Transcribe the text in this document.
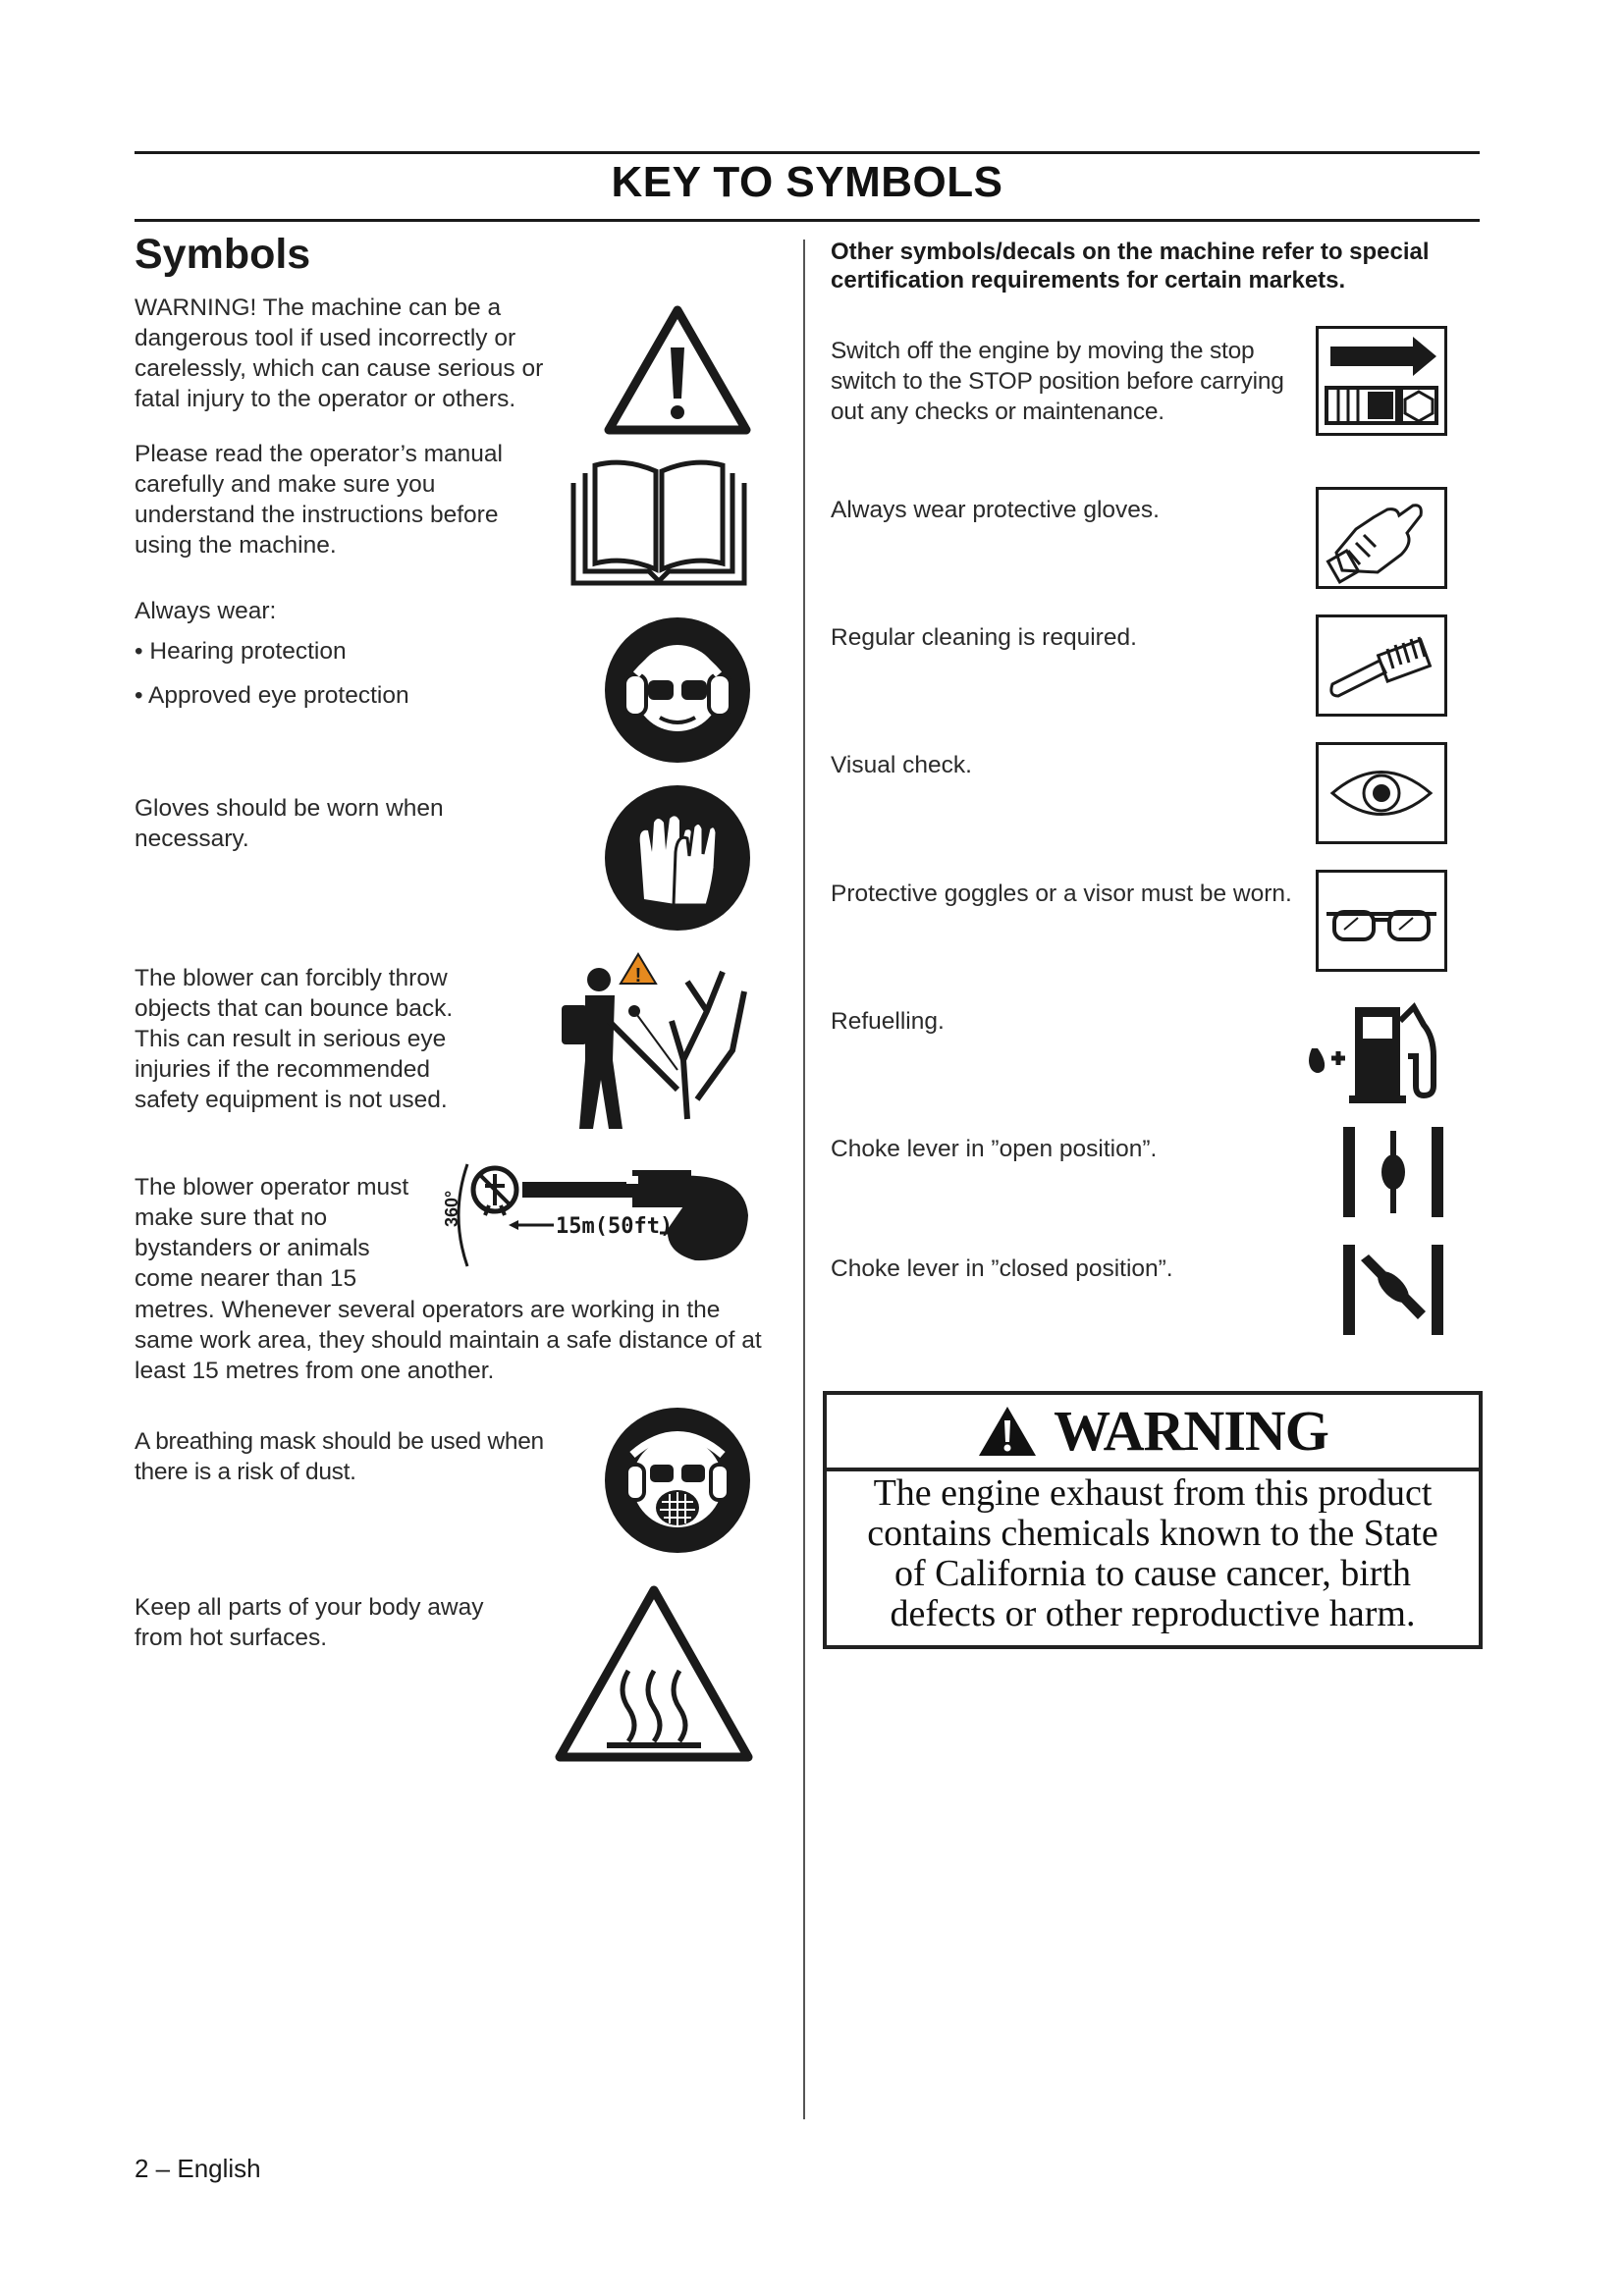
KEY TO SYMBOLS
Symbols
WARNING! The machine can be a dangerous tool if used incorrectly or carelessly, which can cause serious or fatal injury to the operator or others.
Please read the operator’s manual carefully and make sure you understand the instructions before using the machine.
Always wear:
• Hearing protection
• Approved eye protection
Gloves should be worn when necessary.
The blower can forcibly throw objects that can bounce back. This can result in serious eye injuries if the recommended safety equipment is not used.
!
The blower operator must make sure that no bystanders or animals come nearer than 15
360°	15m(50ft)
metres. Whenever several operators are working in the same work area, they should maintain a safe distance of at least 15 metres from one another.
A breathing mask should be used when there is a risk of dust.
Keep all parts of your body away from hot surfaces.
Other symbols/decals on the machine refer to special certification requirements for certain markets.
Switch off the engine by moving the stop switch to the STOP position before carrying out any checks or maintenance.
Always wear protective gloves.
Regular cleaning is required.
Visual check.
Protective goggles or a visor must be worn.
Refuelling.
Choke lever in ”open position”.
Choke lever in ”closed position”.
WARNING
The engine exhaust from this product
contains chemicals known to the State
of California to cause cancer, birth
defects or other reproductive harm.
2 – English
